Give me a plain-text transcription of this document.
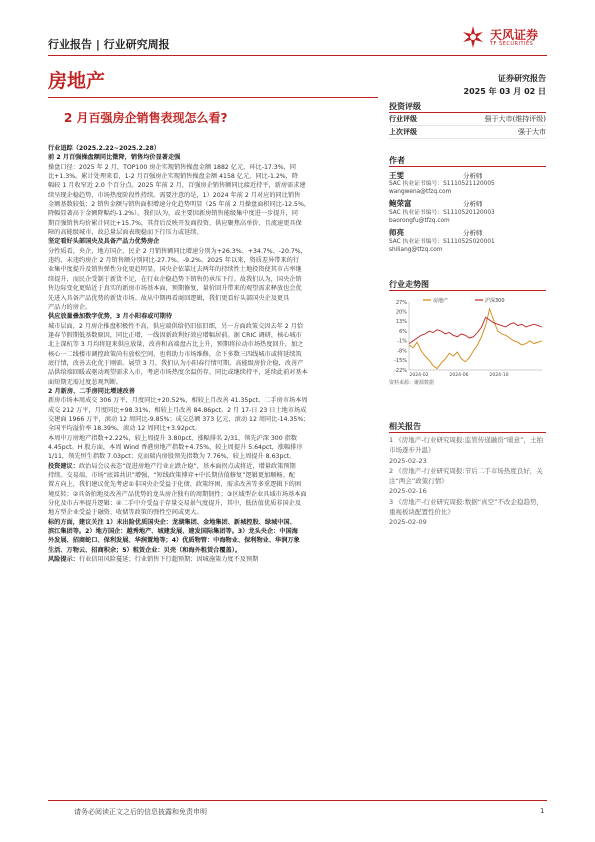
行业报告 | 行业研究周报
天风证券
TF SECURITIES
房地产	证券研究报告
2025 年 03 月 02 日
2 月百强房企销售表现怎么看?

行业追踪（2025.2.22~2025.2.28）

前 2 月百强操盘额同比微降，销售均价显著走强

操盘口径：2025 年 2 月，TOP100 房企实现销售操盘金额 1882 亿元，环比-17.3%，同

比+1.3%。累计处理来看，1-2 月百强房企实现销售操盘金额 4158 亿元，同比-1.2%，降

幅较 1 月收窄近 2.0 个百分点。2025 年前 2 月，百强房企销售额同比接近持平，新房需求建

续呈现企稳趋势，市场热度阶段性持续。需要注意的是，1）2024 年前 2 月对应的同比销售

金额基数较低；2 销售金额与销售面积增速分化趋势明显（25 年前 2 月操盘面积同比-12.5%，

降幅显著高于金额降幅约-1.2%）。我们认为，或主要因新房销售能级集中度进一步提升，同

期百强销售均价累计同比+15.7%，其背后反映开发商投资、供应聚焦高单价、且流速更具保

障的高能级城市，故总量层面表现稳而下行压力或延续。

坚定看好头部国央及具备产品力优势房企

分性质看，央企、地方国企、民企 2 月销售额同比增速分别为+26.3%、+34.7%、-20.7%，

违约、未违约房企 2 月销售额分别同比-27.7%、-9.2%。2025 年以来，资质差异带来的行

业集中度提升及销售弹性分化更趋明显，国央企依靠过去两年的持续性土地投资使其市占率继

续提升，而民企受制于新货不足，在行业企稳趋势下销售仍承压下行。故我们认为，国央企销

售边际变化更贴近于真实的新房市场基本面，预期修复，量价回升带来的观望需求释放也会优

先进入具备产品优势的新货市场。故从中期再看商回逻辑，我们更看好头部国央企及更具

产品力的房企。

供应放量叠加数字优势，3 月小阳春或可期待

城市层面，2 月房企推盘积极性不高，供应端供给仍旧依旧细，另一方面政策交因去年 2 月恰

逢春节假期低基数原因，同比正增，一线因新政利好效应增幅居前。据 CRIC 调研，核心城市

北上深杭等 3 月均将迎来供应放量，改善和高端盘占比上升，预期将拉动市场热度回升，加之

核心一二线楼市调控政策尚有放松空间，也将助力市场维修，余下多数三四线城市或将延续筑

底行情，改善去化优于刚需。展望 3 月，我们认为小阳春行情可期，高能级房价企稳，改善产

品供给端回暖或驱动观望需求入市，考虑市场热度余温仍存，同比或继续持平，延续此前对基本

面短期无需过度悲观判断。

2 月新房、二手房同比增速改善

新房市场本周成交 306 万平，月度同比+20.52%，相较上月改善 41.35pct。二手房市场本周

成交 212 万平，月度同比+98.31%，相较上月改善 84.86pct。2 月 17-日 23 日土地市场成

交建面 1966 万平，滚动 12 周同比-9.85%；成交总额 373 亿元，滚动 12 周同比-14.35%；

全国平均溢价率 18.39%，滚动 12 周同比+3.92pct。

本周中万房地产指数+2.22%，较上周提升 3.80pct，涨幅排名 2/31，领先沪深 300 指数

4.45pct。H 股方面，本周 Wind 香港房地产指数+4.75%，较上周提升 5.64pct，涨幅排序

1/11，领先恒生指数 7.03pct；克而瑞内房股领先指数为 7.76%，较上周提升 8.63pct。

投资建议：政治局会议表态“促进房地产行业止跌企稳”，基本面拐点或将近，增量政策预期

持续。交易端，市场“底部共识”增强，“短线政策博弈+中长期估值修复”逻辑更加顺畅。配

置方向上，我们建议优先考虑①非国央企受益于化债、政策纾困，需求改善等多重逻辑下的困

境反转；②具备拍地及改善产品优势的龙头房企独有的周期韧性；③区域型企业具域市场基本面

分化及市占率提升逻辑；④二手中介受益于存量交易景气度提升，其中，低估值优质非国企及

地方型企业受益于融资、收储等政策的弹性空间或更大。

标的方面，建议关注 1）未出险优质国央企：龙湖集团、金地集团、新城控股、绿城中国、

滨江集团等。2）地方国企：越秀地产、城建发展、建发国际集团等。3）龙头央企：中国海

外发展、招商蛇口、保利发展、华润置地等；4）优质物管：中海物业、保利物业、华润万象

生活、万物云、招商积余；5）租赁企业：贝壳（和海外租赁合覆盖）。

风险提示：行业信用风险蔓延；行业销售下行超预期；因城施策力度不及预期

投资评级
行业评级	强于大市(维持评级)
上次评级	强于大市
作者
王雯	分析师
SAC 执业证书编号：S1110521120005
wangwena@tfzq.com
鲍荣富	分析师
SAC 执业证书编号：S1110520120003
baorongfu@tfzq.com
师亮	分析师
SAC 执业证书编号：S1110525020001
shiliang@tfzq.com
行业走势图
27%
20%
13%
6%
-1%
-8%
-15%
-22%
2024-02	2024-06	2024-10
房地产	沪深300
资料来源：聚源数据
相关报告
1 《房地产-行业研究周报:监管传递融资“暖意”，土拍市场逐步升温》
2025-02-23
2 《房地产-行业研究周报:节后二手市场热度良好，关注“两会”政策行情》
2025-02-16
3 《房地产-行业研究周报:数据“真空”不改企稳趋势，重视板块配置性价比》
2025-02-09
请务必阅读正文之后的信息披露和免责申明	1
